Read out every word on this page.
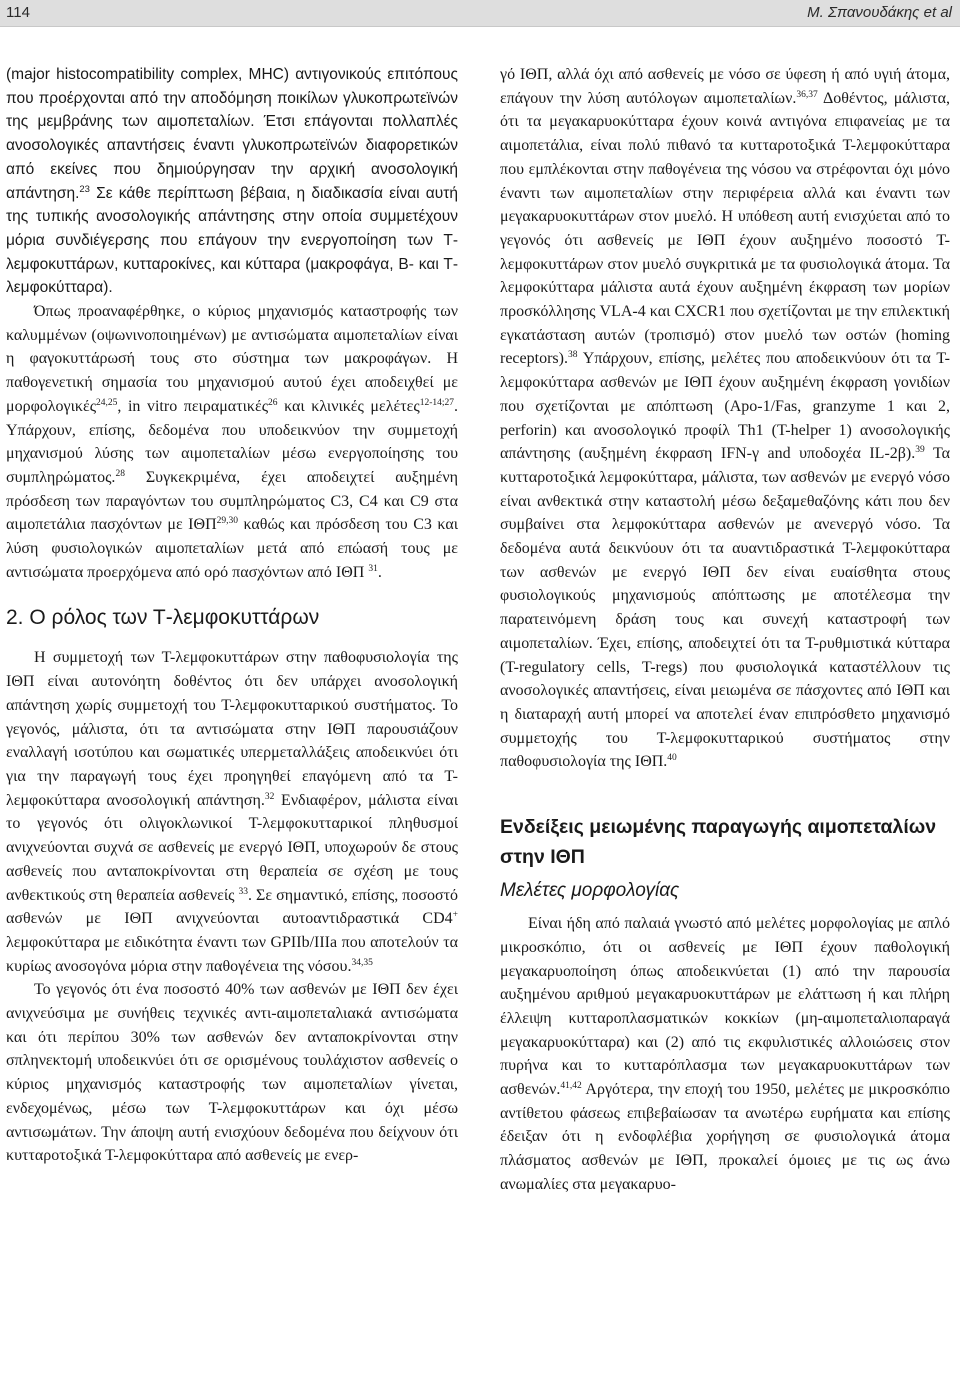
114	Μ. Σπανουδάκης et al

(major histocompatibility complex, MHC) αντιγονικούς επιτόπους που προέρχονται από την αποδόμηση ποικίλων γλυκοπρωτεϊνών της μεμβράνης των αιμοπεταλίων. Έτσι επάγονται πολλαπλές ανοσολογικές απαντήσεις έναντι γλυκοπρωτεϊνών διαφορετικών από εκείνες που δημιούργησαν την αρχική ανοσολογική απάντηση.$^{23}$ Σε κάθε περίπτωση βέβαια, η διαδικασία είναι αυτή της τυπικής ανοσολογικής απάντησης στην οποία συμμετέχουν μόρια συνδιέγερσης που επάγουν την ενεργοποίηση των Τ-λεμφοκυττάρων, κυτταροκίνες, και κύτταρα (μακροφάγα, Β- και Τ-λεμφοκύτταρα).

Όπως προαναφέρθηκε, ο κύριος μηχανισμός καταστροφής των καλυμμένων (οψωνινοποιημένων) με αντισώματα αιμοπεταλίων είναι η φαγοκυττάρωσή τους στο σύστημα των μακροφάγων. Η παθογενετική σημασία του μηχανισμού αυτού έχει αποδειχθεί με μορφολογικές$^{24,25}$, in vitro πειραματικές$^{26}$ και κλινικές μελέτες$^{12-14;27}$. Υπάρχουν, επίσης, δεδομένα που υποδεικνύον την συμμετοχή μηχανισμού λύσης των αιμοπεταλίων μέσω ενεργοποίησης του συμπληρώματος.$^{28}$ Συγκεκριμένα, έχει αποδειχτεί αυξημένη πρόσδεση των παραγόντων του συμπληρώματος C3, C4 και C9 στα αιμοπετάλια πασχόντων με ΙΘΠ$^{29,30}$ καθώς και πρόσδεση του C3 και λύση φυσιολογικών αιμοπεταλίων μετά από επώασή τους με αντισώματα προερχόμενα από ορό πασχόντων από ΙΘΠ $^{31}$.

2. Ο ρόλος των Τ-λεμφοκυττάρων

Η συμμετοχή των Τ-λεμφοκυττάρων στην παθοφυσιολογία της ΙΘΠ είναι αυτονόητη δοθέντος ότι δεν υπάρχει ανοσολογική απάντηση χωρίς συμμετοχή του Τ-λεμφοκυτταρικού συστήματος. Το γεγονός, μάλιστα, ότι τα αντισώματα στην ΙΘΠ παρουσιάζουν εναλλαγή ισοτύπου και σωματικές υπερμεταλλάξεις αποδεικνύει ότι για την παραγωγή τους έχει προηγηθεί επαγόμενη από τα Τ-λεμφοκύτταρα ανοσολογική απάντηση.$^{32}$ Ενδιαφέρον, μάλιστα είναι το γεγονός ότι ολιγοκλωνικοί Τ-λεμφοκυτταρικοί πληθυσμοί ανιχνεύονται συχνά σε ασθενείς με ενεργό ΙΘΠ, υποχωρούν δε στους ασθενείς που ανταποκρίνονται στη θεραπεία σε σχέση με τους ανθεκτικούς στη θεραπεία ασθενείς $^{33}$. Σε σημαντικό, επίσης, ποσοστό ασθενών με ΙΘΠ ανιχνεύονται αυτοαντιδραστικά CD4+ λεμφοκύτταρα με ειδικότητα έναντι των GPIIb/IIIa που αποτελούν τα κυρίως ανοσογόνα μόρια στην παθογένεια της νόσου.$^{34,35}$

Το γεγονός ότι ένα ποσοστό 40% των ασθενών με ΙΘΠ δεν έχει ανιχνεύσιμα με συνήθεις τεχνικές αντι-αιμοπεταλιακά αντισώματα και ότι περίπου 30% των ασθενών δεν ανταποκρίνονται στην σπληνεκτομή υποδεικνύει ότι σε ορισμένους τουλάχιστον ασθενείς ο κύριος μηχανισμός καταστροφής των αιμοπεταλίων γίνεται, ενδεχομένως, μέσω των Τ-λεμφοκυττάρων και όχι μέσω αντισωμάτων. Την άποψη αυτή ενισχύουν δεδομένα που δείχνουν ότι κυτταροτοξικά Τ-λεμφοκύτταρα από ασθενείς με ενερ-

γό ΙΘΠ, αλλά όχι από ασθενείς με νόσο σε ύφεση ή από υγιή άτομα, επάγουν την λύση αυτόλογων αιμοπεταλίων.$^{36,37}$ Δοθέντος, μάλιστα, ότι τα μεγακαρυοκύτταρα έχουν κοινά αντιγόνα επιφανείας με τα αιμοπετάλια, είναι πολύ πιθανό τα κυτταροτοξικά Τ-λεμφοκύτταρα που εμπλέκονται στην παθογένεια της νόσου να στρέφονται όχι μόνο έναντι των αιμοπεταλίων στην περιφέρεια αλλά και έναντι των μεγακαρυοκυττάρων στον μυελό. Η υπόθεση αυτή ενισχύεται από το γεγονός ότι ασθενείς με ΙΘΠ έχουν αυξημένο ποσοστό Τ-λεμφοκυττάρων στον μυελό συγκριτικά με τα φυσιολογικά άτομα. Τα λεμφοκύτταρα μάλιστα αυτά έχουν αυξημένη έκφραση των μορίων προσκόλλησης VLA-4 και CXCR1 που σχετίζονται με την επιλεκτική εγκατάσταση αυτών (τροπισμό) στον μυελό των οστών (homing receptors).$^{38}$ Υπάρχουν, επίσης, μελέτες που αποδεικνύουν ότι τα Τ-λεμφοκύτταρα ασθενών με ΙΘΠ έχουν αυξημένη έκφραση γονιδίων που σχετίζονται με απόπτωση (Apo-1/Fas, granzyme 1 και 2, perforin) και ανοσολογικό προφίλ Th1 (T-helper 1) ανοσολογικής απάντησης (αυξημένη έκφραση IFN-γ and υποδοχέα IL-2β).$^{39}$ Τα κυτταροτοξικά λεμφοκύτταρα, μάλιστα, των ασθενών με ενεργό νόσο είναι ανθεκτικά στην καταστολή μέσω δεξαμεθαζόνης κάτι που δεν συμβαίνει στα λεμφοκύτταρα ασθενών με ανενεργό νόσο. Τα δεδομένα αυτά δεικνύουν ότι τα αυαντιδραστικά Τ-λεμφοκύτταρα των ασθενών με ενεργό ΙΘΠ δεν είναι ευαίσθητα στους φυσιολογικούς μηχανισμούς απόπτωσης με αποτέλεσμα την παρατεινόμενη δράση τους και συνεχή καταστροφή των αιμοπεταλίων. Έχει, επίσης, αποδειχτεί ότι τα Τ-ρυθμιστικά κύτταρα (T-regulatory cells, T-regs) που φυσιολογικά καταστέλλουν τις ανοσολογικές απαντήσεις, είναι μειωμένα σε πάσχοντες από ΙΘΠ και η διαταραχή αυτή μπορεί να αποτελεί έναν επιπρόσθετο μηχανισμό συμμετοχής του Τ-λεμφοκυτταρικού συστήματος στην παθοφυσιολογία της ΙΘΠ.$^{40}$

Ενδείξεις μειωμένης παραγωγής αιμοπεταλίων στην ΙΘΠ
Μελέτες μορφολογίας

Είναι ήδη από παλαιά γνωστό από μελέτες μορφολογίας με απλό μικροσκόπιο, ότι οι ασθενείς με ΙΘΠ έχουν παθολογική μεγακαρυοποίηση όπως αποδεικνύεται (1) από την παρουσία αυξημένου αριθμού μεγακαρυοκυττάρων με ελάττωση ή και πλήρη έλλειψη κυτταροπλασματικών κοκκίων (μη-αιμοπεταλιοπαραγά μεγακαρυοκύτταρα) και (2) από τις εκφυλιστικές αλλοιώσεις στον πυρήνα και το κυτταρόπλασμα των μεγακαρυοκυττάρων των ασθενών.$^{41,42}$ Αργότερα, την εποχή του 1950, μελέτες με μικροσκόπιο αντίθετου φάσεως επιβεβαίωσαν τα ανωτέρω ευρήματα και επίσης έδειξαν ότι η ενδοφλέβια χορήγηση σε φυσιολογικά άτομα πλάσματος ασθενών με ΙΘΠ, προκαλεί όμοιες με τις ως άνω ανωμαλίες στα μεγακαρυο-
